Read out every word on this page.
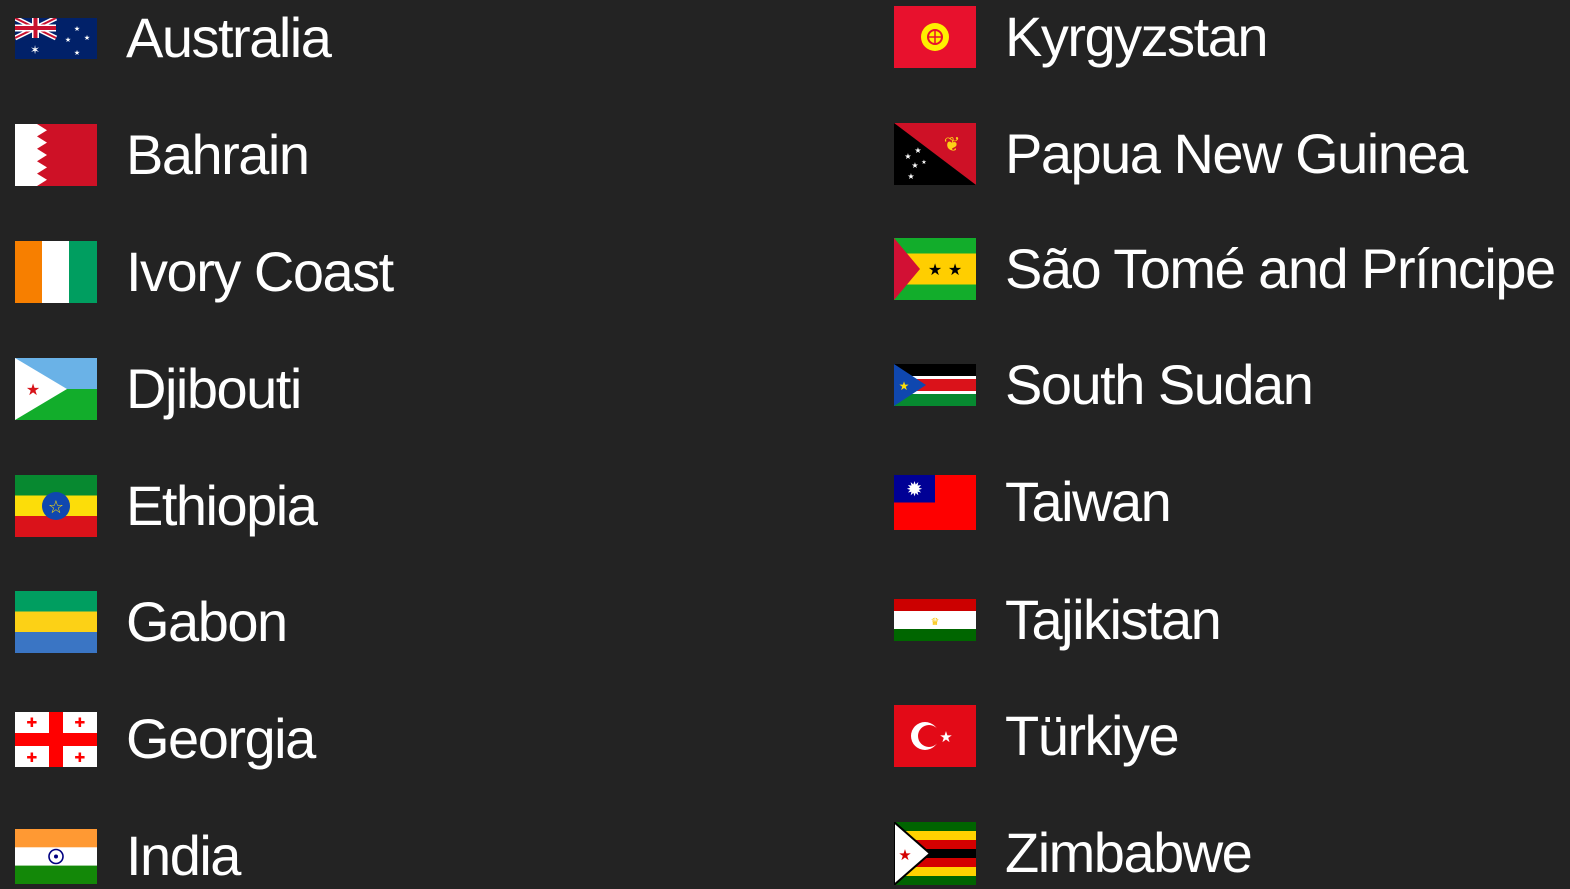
✶
★
★ ★
★ Australia
Bahrain
Ivory Coast
★ Djibouti
☆ Ethiopia
Gabon
✚	✚
✚	✚ Georgia
India
Kyrgyzstan
★
★
★ ★
★
❦ Papua New Guinea
★ ★ São Tomé and Príncipe
★ South Sudan
✹ Taiwan
♛ Tajikistan
★ Türkiye
★ Zimbabwe
